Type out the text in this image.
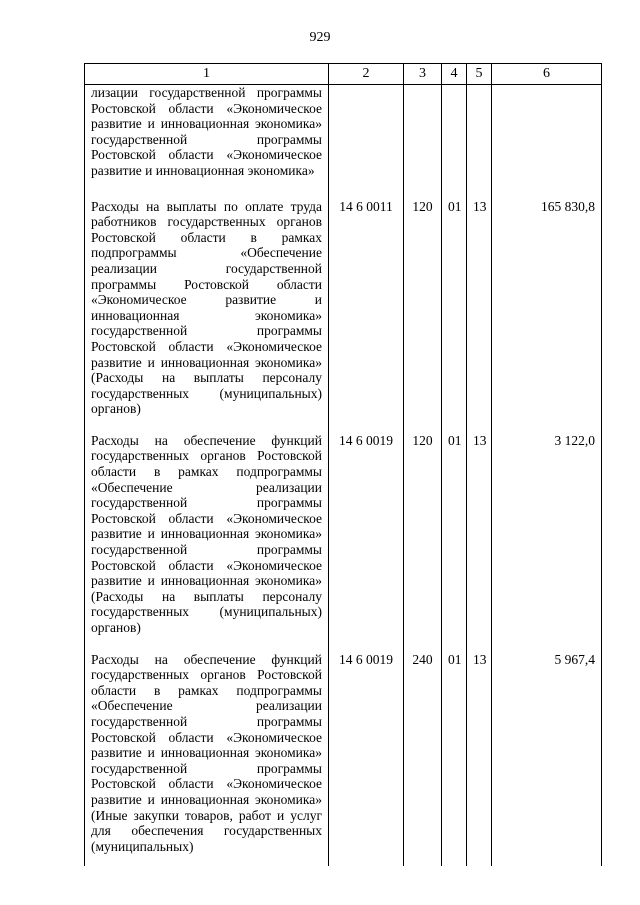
929
1	2	3	4	5	6
лизации государственной программы Ростовской области «Экономическое развитие и инновационная экономика» государственной программы Ростовской области «Экономическое развитие и инновационная экономика»					
Расходы на выплаты по оплате труда работников государственных органов Ростовской области в рамках подпрограммы «Обеспечение реализации государственной программы Ростовской области «Экономическое развитие и инновационная экономика» государственной программы Ростовской области «Экономическое развитие и инновационная экономика» (Расходы на выплаты персоналу государственных (муниципальных) органов)	14 6 0011	120	01	13	165 830,8
Расходы на обеспечение функций государственных органов Ростовской области в рамках подпрограммы «Обеспечение реализации государственной программы Ростовской области «Экономическое развитие и инновационная экономика» государственной программы Ростовской области «Экономическое развитие и инновационная экономика» (Расходы на выплаты персоналу государственных (муниципальных) органов)	14 6 0019	120	01	13	3 122,0
Расходы на обеспечение функций государственных органов Ростовской области в рамках подпрограммы «Обеспечение реализации государственной программы Ростовской области «Экономическое развитие и инновационная экономика» государственной программы Ростовской области «Экономическое развитие и инновационная экономика» (Иные закупки товаров, работ и услуг для обеспечения государственных (муниципальных)	14 6 0019	240	01	13	5 967,4
